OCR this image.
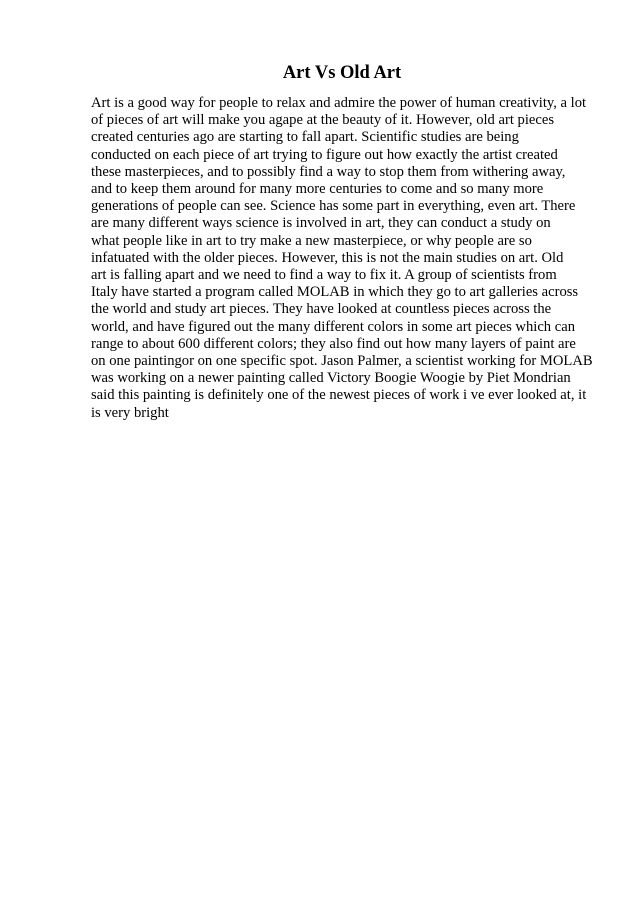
Art Vs Old Art
Art is a good way for people to relax and admire the power of human creativity, a lot
of pieces of art will make you agape at the beauty of it. However, old art pieces
created centuries ago are starting to fall apart. Scientific studies are being
conducted on each piece of art trying to figure out how exactly the artist created
these masterpieces, and to possibly find a way to stop them from withering away,
and to keep them around for many more centuries to come and so many more
generations of people can see. Science has some part in everything, even art. There
are many different ways science is involved in art, they can conduct a study on
what people like in art to try make a new masterpiece, or why people are so
infatuated with the older pieces. However, this is not the main studies on art. Old
art is falling apart and we need to find a way to fix it. A group of scientists from
Italy have started a program called MOLAB in which they go to art galleries across
the world and study art pieces. They have looked at countless pieces across the
world, and have figured out the many different colors in some art pieces which can
range to about 600 different colors; they also find out how many layers of paint are
on one paintingor on one specific spot. Jason Palmer, a scientist working for MOLAB
was working on a newer painting called Victory Boogie Woogie by Piet Mondrian
said this painting is definitely one of the newest pieces of work i ve ever looked at, it
is very bright
